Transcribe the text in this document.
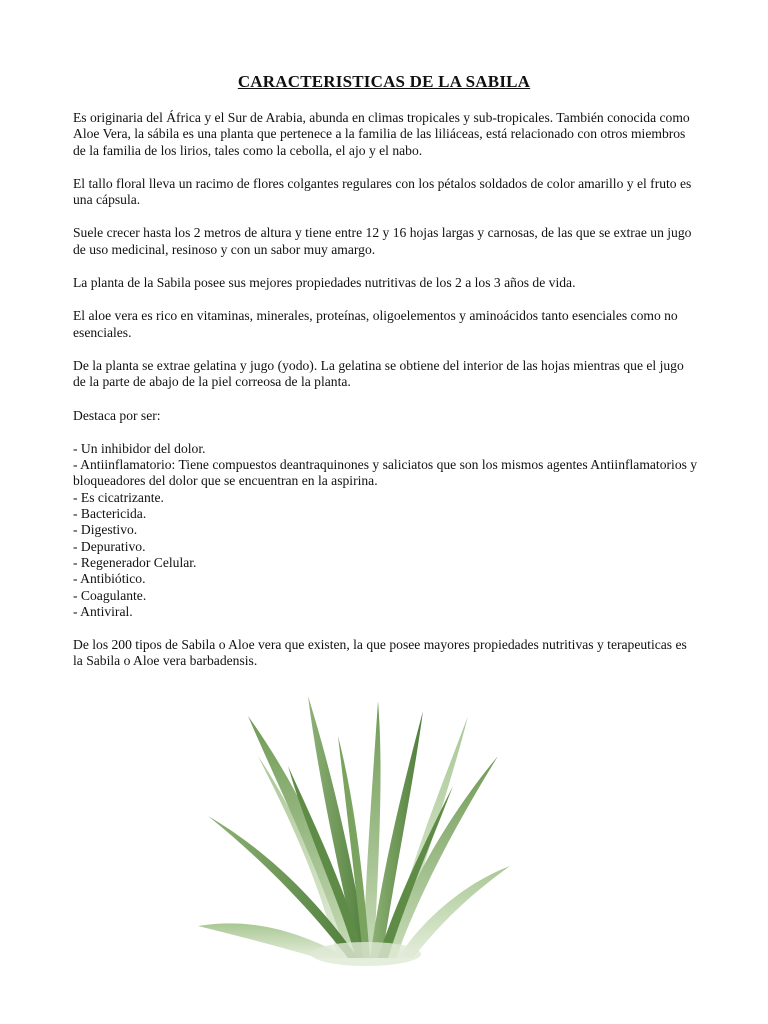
CARACTERISTICAS DE LA SABILA

Es originaria del África y el Sur de Arabia, abunda en climas tropicales y sub-tropicales. También conocida como Aloe Vera, la sábila es una planta que pertenece a la familia de las liliáceas, está relacionado con otros miembros de la familia de los lirios, tales como la cebolla, el ajo y el nabo.

El tallo floral lleva un racimo de flores colgantes regulares con los pétalos soldados de color amarillo y el fruto es una cápsula.

Suele crecer hasta los 2 metros de altura y tiene entre 12 y 16 hojas largas y carnosas, de las que se extrae un jugo de uso medicinal, resinoso y con un sabor muy amargo.

La planta de la Sabila posee sus mejores propiedades nutritivas de los 2 a los 3 años de vida.

El aloe vera es rico en vitaminas, minerales, proteínas, oligoelementos y aminoácidos tanto esenciales como no esenciales.

De la planta se extrae gelatina y jugo (yodo). La gelatina se obtiene del interior de las hojas mientras que el jugo de la parte de abajo de la piel correosa de la planta.

Destaca por ser:

- Un inhibidor del dolor.
- Antiinflamatorio: Tiene compuestos deantraquinones y saliciatos que son los mismos agentes Antiinflamatorios y bloqueadores del dolor que se encuentran en la aspirina.
- Es cicatrizante.
- Bactericida.
- Digestivo.
- Depurativo.
- Regenerador Celular.
- Antibiótico.
- Coagulante.
- Antiviral.

De los 200 tipos de Sabila o Aloe vera que existen, la que posee mayores propiedades nutritivas y terapeuticas es la Sabila o Aloe vera barbadensis.
